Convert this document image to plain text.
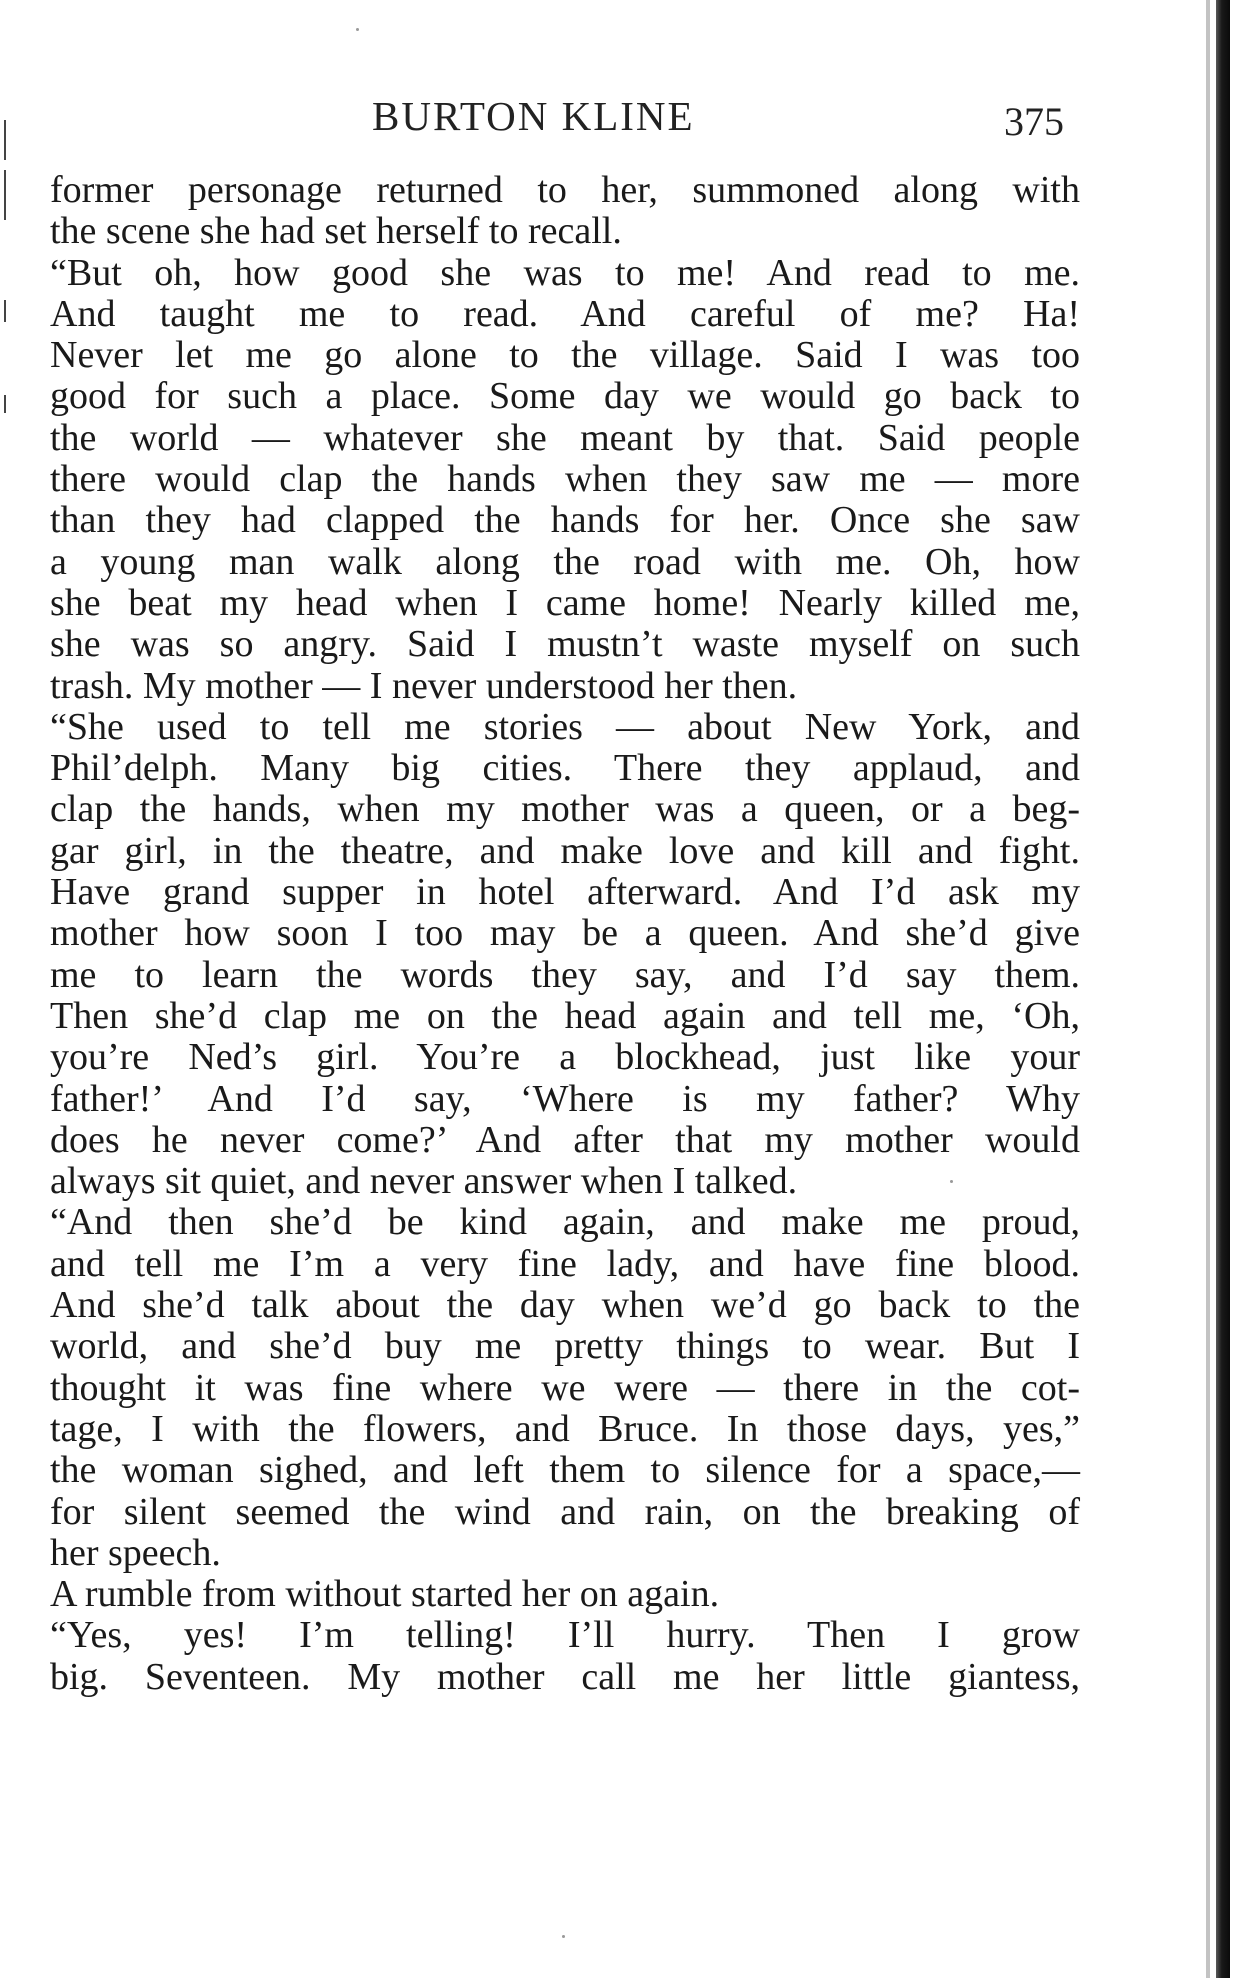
BURTON KLINE	375
former personage returned to her, summoned along with
the scene she had set herself to recall.
“But oh, how good she was to me! And read to me.
And taught me to read. And careful of me? Ha!
Never let me go alone to the village. Said I was too
good for such a place. Some day we would go back to
the world — whatever she meant by that. Said people
there would clap the hands when they saw me — more
than they had clapped the hands for her. Once she saw
a young man walk along the road with me. Oh, how
she beat my head when I came home! Nearly killed me,
she was so angry. Said I mustn’t waste myself on such
trash. My mother — I never understood her then.
“She used to tell me stories — about New York, and
Phil’delph. Many big cities. There they applaud, and
clap the hands, when my mother was a queen, or a beg-
gar girl, in the theatre, and make love and kill and fight.
Have grand supper in hotel afterward. And I’d ask my
mother how soon I too may be a queen. And she’d give
me to learn the words they say, and I’d say them.
Then she’d clap me on the head again and tell me, ‘Oh,
you’re Ned’s girl. You’re a blockhead, just like your
father!’ And I’d say, ‘Where is my father? Why
does he never come?’ And after that my mother would
always sit quiet, and never answer when I talked.
“And then she’d be kind again, and make me proud,
and tell me I’m a very fine lady, and have fine blood.
And she’d talk about the day when we’d go back to the
world, and she’d buy me pretty things to wear. But I
thought it was fine where we were — there in the cot-
tage, I with the flowers, and Bruce. In those days, yes,”
the woman sighed, and left them to silence for a space,—
for silent seemed the wind and rain, on the breaking of
her speech.
A rumble from without started her on again.
“Yes, yes! I’m telling! I’ll hurry. Then I grow
big. Seventeen. My mother call me her little giantess,
